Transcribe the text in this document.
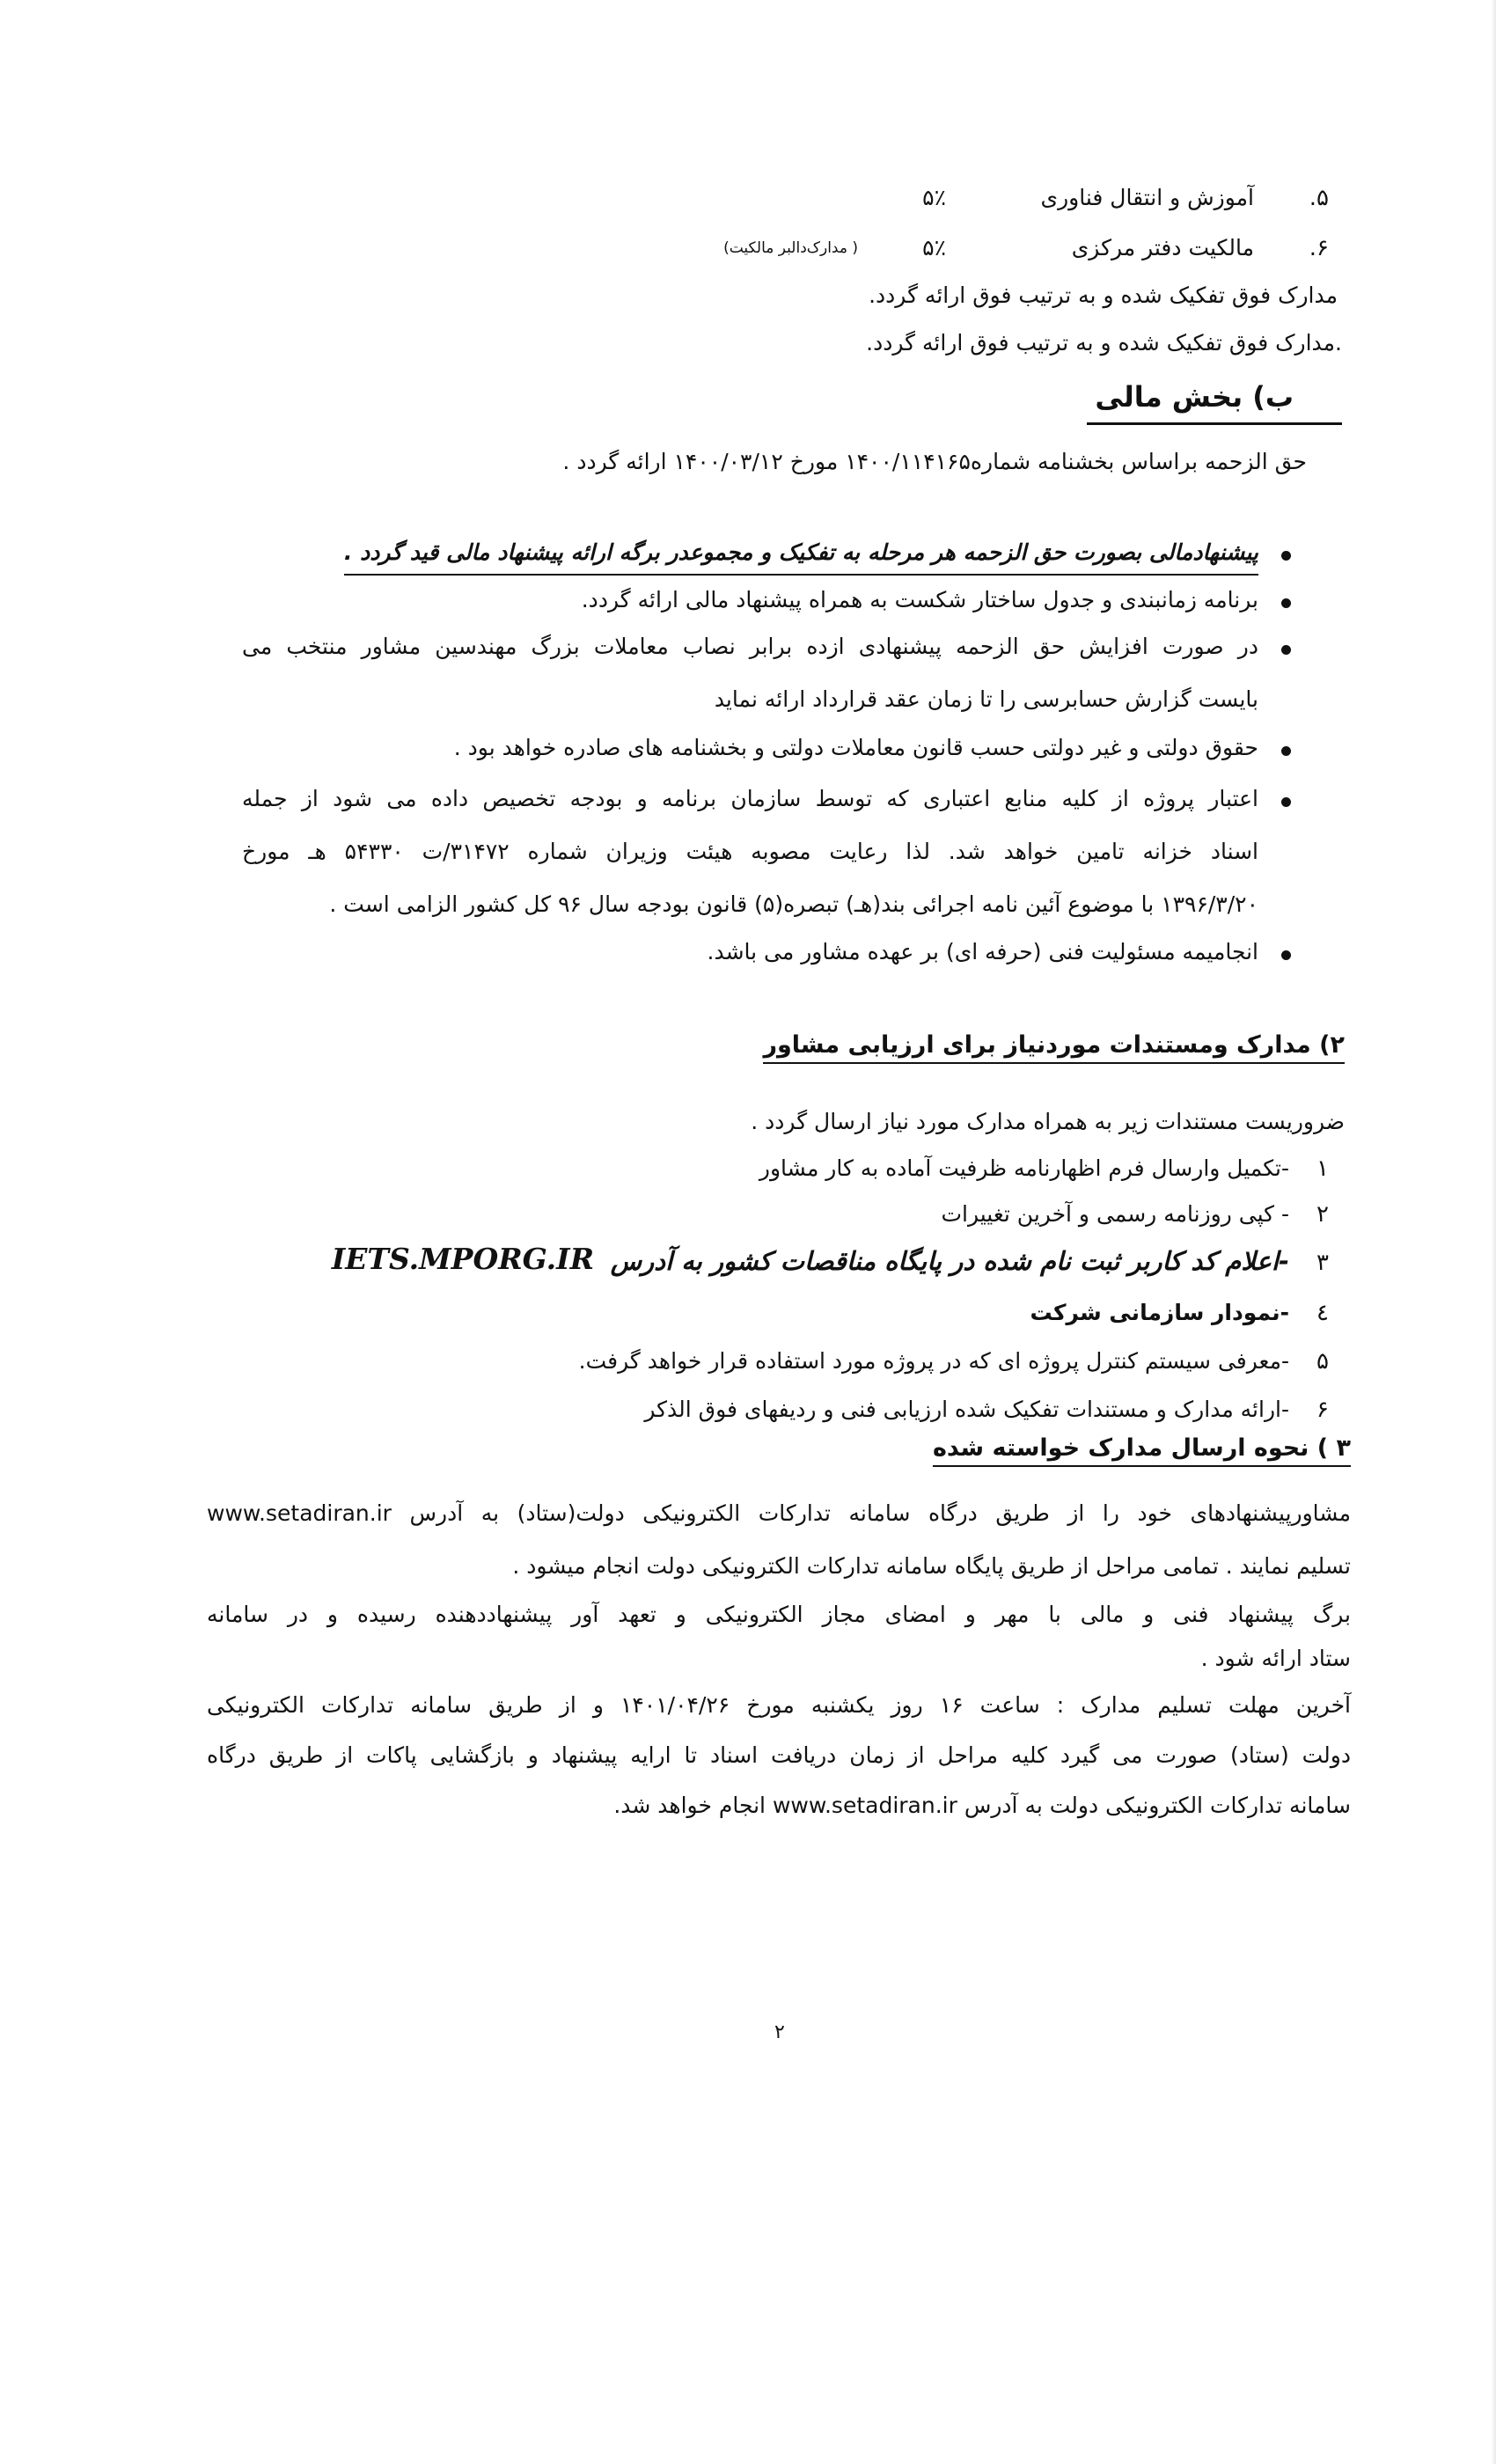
۵.
آموزش و انتقال فناوری
۵٪
۶.
مالکیت دفتر مرکزی
۵٪
( مدارک‌دالبر مالکیت)
مدارک فوق تفکیک شده و به ترتیب فوق ارائه گردد.
.مدارک فوق تفکیک شده و به ترتیب فوق ارائه گردد.
ب) بخش مالی
حق الزحمه براساس بخشنامه شماره۱۴۰۰/۱۱۴۱۶۵ مورخ ۱۴۰۰/۰۳/۱۲ ارائه گردد .
پیشنهادمالی بصورت حق الزحمه هر مرحله به تفکیک و مجموعدر برگه ارائه پیشنهاد مالی قید گردد .
برنامه زمانبندی و جدول ساختار شکست به همراه پیشنهاد مالی ارائه گردد.
در صورت افزایش حق الزحمه پیشنهادی ازده برابر نصاب معاملات بزرگ مهندسین مشاور منتخب می
بایست گزارش حسابرسی را تا زمان عقد قرارداد ارائه نماید
حقوق دولتی و غیر دولتی حسب قانون معاملات دولتی و بخشنامه های صادره خواهد بود .
اعتبار پروژه از کلیه منابع اعتباری که توسط سازمان برنامه و بودجه تخصیص داده می شود از جمله
اسناد خزانه تامین خواهد شد. لذا رعایت مصوبه هیئت وزیران شماره ۳۱۴۷۲/ت ۵۴۳۳۰ هـ مورخ
۱۳۹۶/۳/۲۰ با موضوع آئین نامه اجرائی بند(هـ) تبصره(۵) قانون بودجه سال ۹۶ کل کشور الزامی است .
انجامیمه مسئولیت فنی (حرفه ای) بر عهده مشاور می باشد.
۲) مدارک ومستندات موردنیاز برای ارزیابی مشاور
ضروریست مستندات زیر به همراه مدارک مورد نیاز ارسال گردد .
۱
-تکمیل وارسال فرم اظهارنامه ظرفیت آماده به کار مشاور
۲
- کپی روزنامه رسمی و آخرین تغییرات
۳
-اعلام کد کاربر ثبت نام شده در پایگاه مناقصات کشور به آدرس
IETS.MPORG.IR
٤
-نمودار سازمانی شرکت
۵
-معرفی سیستم کنترل پروژه ای که در پروژه مورد استفاده قرار خواهد گرفت.
۶
-ارائه مدارک و مستندات تفکیک شده ارزیابی فنی و ردیفهای فوق الذکر
۳ ) نحوه ارسال مدارک خواسته شده
مشاورپیشنهادهای خود را از طریق درگاه سامانه تدارکات الکترونیکی دولت(ستاد) به آدرس www.setadiran.ir
تسلیم نمایند . تمامی مراحل از طریق پایگاه سامانه تدارکات الکترونیکی دولت انجام میشود .
برگ پیشنهاد فنی و مالی با مهر و امضای مجاز الکترونیکی و تعهد آور پیشنهاددهنده رسیده و در سامانه
ستاد ارائه شود .
آخرین مهلت تسلیم مدارک : ساعت ۱۶ روز یکشنبه مورخ ۱۴۰۱/۰۴/۲۶ و از طریق سامانه تدارکات الکترونیکی
دولت (ستاد) صورت می گیرد کلیه مراحل از زمان دریافت اسناد تا ارایه پیشنهاد و بازگشایی پاکات از طریق درگاه
سامانه تدارکات الکترونیکی دولت به آدرس www.setadiran.ir انجام خواهد شد.
۲
